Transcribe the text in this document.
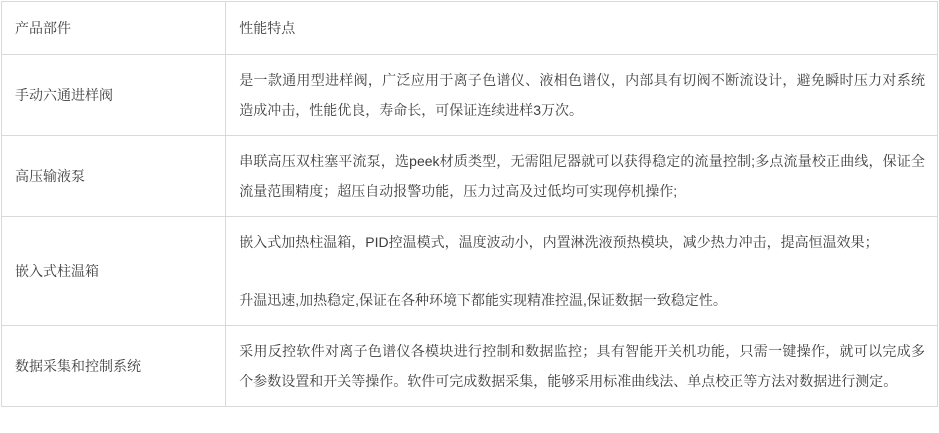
产品部件	性能特点
手动六通进样阀	是一款通用型进样阀，广泛应用于离子色谱仪、液相色谱仪，内部具有切阀不断流设计，避免瞬时压力对系统造成冲击，性能优良，寿命长，可保证连续进样3万次。

高压输液泵	串联高压双柱塞平流泵，选peek材质类型，无需阻尼器就可以获得稳定的流量控制;多点流量校正曲线，保证全流量范围精度；超压自动报警功能，压力过高及过低均可实现停机操作;

嵌入式柱温箱	嵌入式加热柱温箱，PID控温模式，温度波动小，内置淋洗液预热模块，减少热力冲击，提高恒温效果；

升温迅速,加热稳定,保证在各种环境下都能实现精准控温,保证数据一致稳定性。

数据采集和控制系统	采用反控软件对离子色谱仪各模块进行控制和数据监控；具有智能开关机功能，只需一键操作，就可以完成多个参数设置和开关等操作。软件可完成数据采集，能够采用标准曲线法、单点校正等方法对数据进行测定。
